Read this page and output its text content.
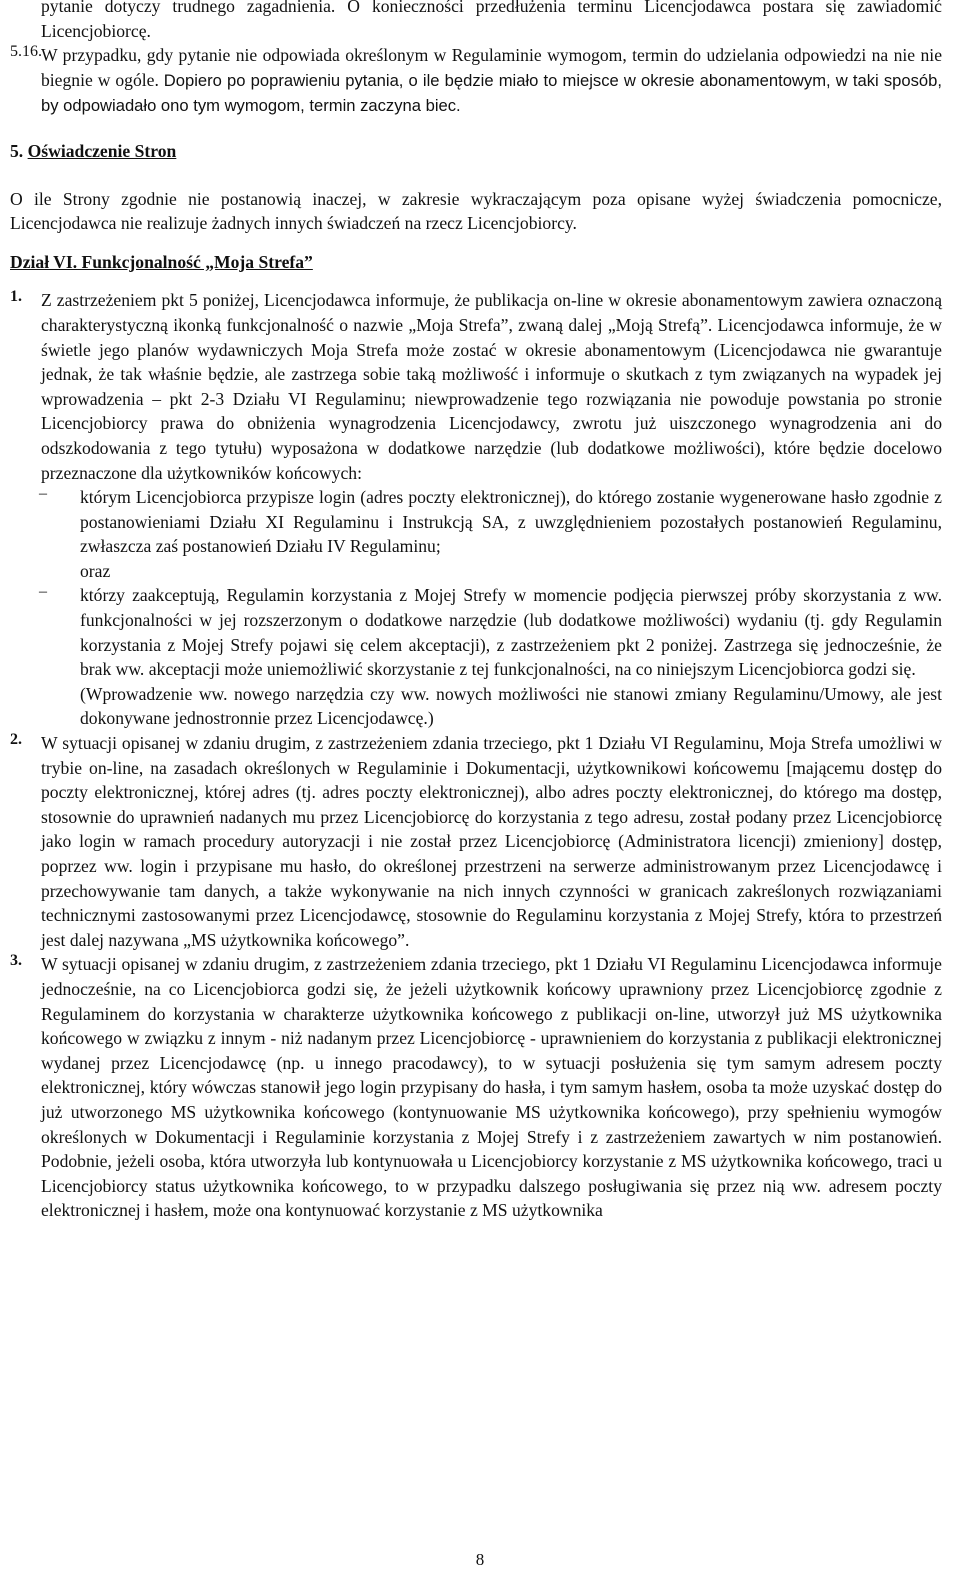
pytanie dotyczy trudnego zagadnienia. O konieczności przedłużenia terminu Licencjodawca postara się zawiadomić Licencjobiorcę.

5.16. W przypadku, gdy pytanie nie odpowiada określonym w Regulaminie wymogom, termin do udzielania odpowiedzi na nie nie biegnie w ogóle. Dopiero po poprawieniu pytania, o ile będzie miało to miejsce w okresie abonamentowym, w taki sposób, by odpowiadało ono tym wymogom, termin zaczyna biec.

5. Oświadczenie Stron

O ile Strony zgodnie nie postanowią inaczej, w zakresie wykraczającym poza opisane wyżej świadczenia pomocnicze, Licencjodawca nie realizuje żadnych innych świadczeń na rzecz Licencjobiorcy.

Dział VI. Funkcjonalność „Moja Strefa”
1. Z zastrzeżeniem pkt 5 poniżej, Licencjodawca informuje, że publikacja on-line w okresie abonamentowym zawiera oznaczoną charakterystyczną ikonką funkcjonalność o nazwie „Moja Strefa”, zwaną dalej „Moją Strefą”. Licencjodawca informuje, że w świetle jego planów wydawniczych Moja Strefa może zostać w okresie abonamentowym (Licencjodawca nie gwarantuje jednak, że tak właśnie będzie, ale zastrzega sobie taką możliwość i informuje o skutkach z tym związanych na wypadek jej wprowadzenia – pkt 2-3 Działu VI Regulaminu; niewprowadzenie tego rozwiązania nie powoduje powstania po stronie Licencjobiorcy prawa do obniżenia wynagrodzenia Licencjodawcy, zwrotu już uiszczonego wynagrodzenia ani do odszkodowania z tego tytułu) wyposażona w dodatkowe narzędzie (lub dodatkowe możliwości), które będzie docelowo przeznaczone dla użytkowników końcowych:

– którym Licencjobiorca przypisze login (adres poczty elektronicznej), do którego zostanie wygenerowane hasło zgodnie z postanowieniami Działu XI Regulaminu i Instrukcją SA, z uwzględnieniem pozostałych postanowień Regulaminu, zwłaszcza zaś postanowień Działu IV Regulaminu;

oraz

– którzy zaakceptują, Regulamin korzystania z Mojej Strefy w momencie podjęcia pierwszej próby skorzystania z ww. funkcjonalności w jej rozszerzonym o dodatkowe narzędzie (lub dodatkowe możliwości) wydaniu (tj. gdy Regulamin korzystania z Mojej Strefy pojawi się celem akceptacji), z zastrzeżeniem pkt 2 poniżej. Zastrzega się jednocześnie, że brak ww. akceptacji może uniemożliwić skorzystanie z tej funkcjonalności, na co niniejszym Licencjobiorca godzi się.

(Wprowadzenie ww. nowego narzędzia czy ww. nowych możliwości nie stanowi zmiany Regulaminu/Umowy, ale jest dokonywane jednostronnie przez Licencjodawcę.)

2. W sytuacji opisanej w zdaniu drugim, z zastrzeżeniem zdania trzeciego, pkt 1 Działu VI Regulaminu, Moja Strefa umożliwi w trybie on-line, na zasadach określonych w Regulaminie i Dokumentacji, użytkownikowi końcowemu [mającemu dostęp do poczty elektronicznej, której adres (tj. adres poczty elektronicznej), albo adres poczty elektronicznej, do którego ma dostęp, stosownie do uprawnień nadanych mu przez Licencjobiorcę do korzystania z tego adresu, został podany przez Licencjobiorcę jako login w ramach procedury autoryzacji i nie został przez Licencjobiorcę (Administratora licencji) zmieniony] dostęp, poprzez ww. login i przypisane mu hasło, do określonej przestrzeni na serwerze administrowanym przez Licencjodawcę i przechowywanie tam danych, a także wykonywanie na nich innych czynności w granicach zakreślonych rozwiązaniami technicznymi zastosowanymi przez Licencjodawcę, stosownie do Regulaminu korzystania z Mojej Strefy, która to przestrzeń jest dalej nazywana „MS użytkownika końcowego”.

3. W sytuacji opisanej w zdaniu drugim, z zastrzeżeniem zdania trzeciego, pkt 1 Działu VI Regulaminu Licencjodawca informuje jednocześnie, na co Licencjobiorca godzi się, że jeżeli użytkownik końcowy uprawniony przez Licencjobiorcę zgodnie z Regulaminem do korzystania w charakterze użytkownika końcowego z publikacji on-line, utworzył już MS użytkownika końcowego w związku z innym - niż nadanym przez Licencjobiorcę - uprawnieniem do korzystania z publikacji elektronicznej wydanej przez Licencjodawcę (np. u innego pracodawcy), to w sytuacji posłużenia się tym samym adresem poczty elektronicznej, który wówczas stanowił jego login przypisany do hasła, i tym samym hasłem, osoba ta może uzyskać dostęp do już utworzonego MS użytkownika końcowego (kontynuowanie MS użytkownika końcowego), przy spełnieniu wymogów określonych w Dokumentacji i Regulaminie korzystania z Mojej Strefy i z zastrzeżeniem zawartych w nim postanowień. Podobnie, jeżeli osoba, która utworzyła lub kontynuowała u Licencjobiorcy korzystanie z MS użytkownika końcowego, traci u Licencjobiorcy status użytkownika końcowego, to w przypadku dalszego posługiwania się przez nią ww. adresem poczty elektronicznej i hasłem, może ona kontynuować korzystanie z MS użytkownika

8
